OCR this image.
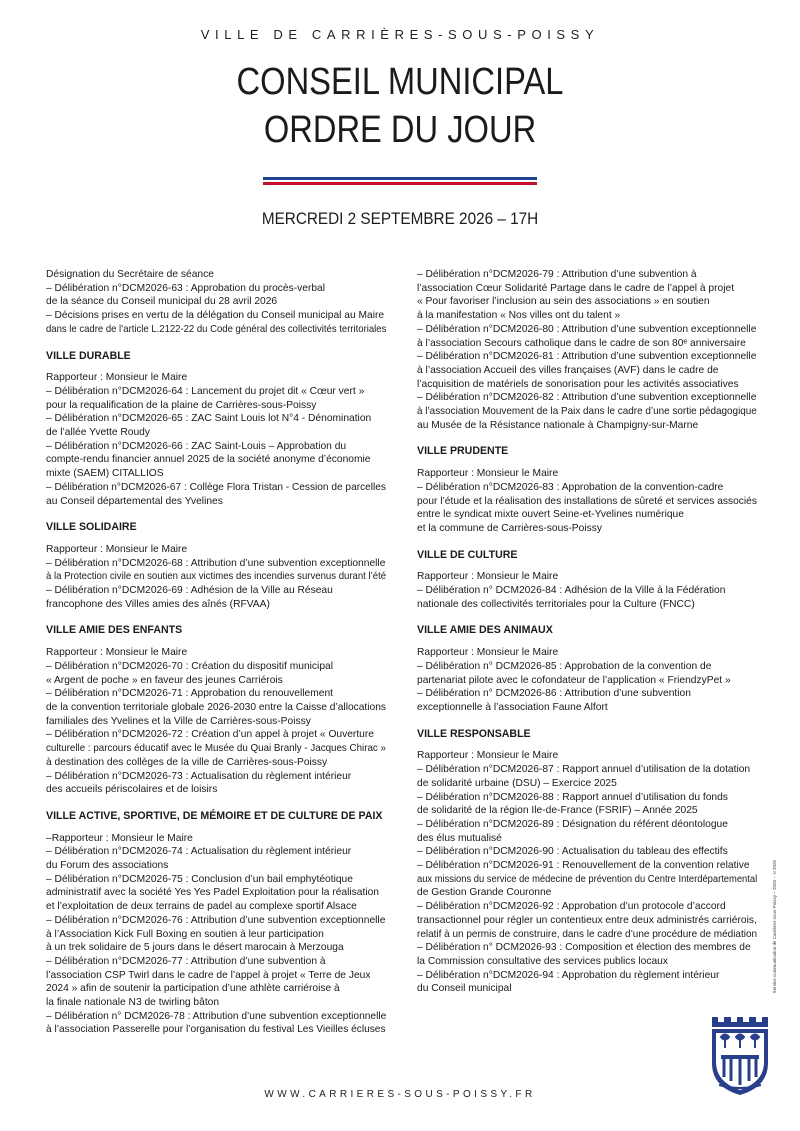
VILLE DE CARRIÈRES-SOUS-POISSY
CONSEIL MUNICIPAL
ORDRE DU JOUR
MERCREDI 2 SEPTEMBRE 2026 – 17H
Désignation du Secrétaire de séance
– Délibération n°DCM2026-63 : Approbation du procès-verbal
de la séance du Conseil municipal du 28 avril 2026
– Décisions prises en vertu de la délégation du Conseil municipal au Maire
dans le cadre de l’article L.2122-22 du Code général des collectivités territoriales
VILLE DURABLE
Rapporteur : Monsieur le Maire
– Délibération n°DCM2026-64 : Lancement du projet dit « Cœur vert »
pour la requalification de la plaine de Carrières-sous-Poissy
– Délibération n°DCM2026-65 : ZAC Saint Louis lot N°4 - Dénomination
de l’allée Yvette Roudy
– Délibération n°DCM2026-66 : ZAC Saint-Louis – Approbation du
compte-rendu financier annuel 2025 de la société anonyme d’économie
mixte (SAEM) CITALLIOS
– Délibération n°DCM2026-67 : Collège Flora Tristan - Cession de parcelles
au Conseil départemental des Yvelines
VILLE SOLIDAIRE
Rapporteur : Monsieur le Maire
– Délibération n°DCM2026-68 : Attribution d’une subvention exceptionnelle
à la Protection civile en soutien aux victimes des incendies survenus durant l’été
– Délibération n°DCM2026-69 : Adhésion de la Ville au Réseau
francophone des Villes amies des aînés (RFVAA)
VILLE AMIE DES ENFANTS
Rapporteur : Monsieur le Maire
– Délibération n°DCM2026-70 : Création du dispositif municipal
« Argent de poche » en faveur des jeunes Carriérois
– Délibération n°DCM2026-71 : Approbation du renouvellement
de la convention territoriale globale 2026-2030 entre la Caisse d’allocations
familiales des Yvelines et la Ville de Carrières-sous-Poissy
– Délibération n°DCM2026-72 : Création d’un appel à projet « Ouverture
culturelle : parcours éducatif avec le Musée du Quai Branly - Jacques Chirac »
à destination des collèges de la ville de Carrières-sous-Poissy
– Délibération n°DCM2026-73 : Actualisation du règlement intérieur
des accueils périscolaires et de loisirs
VILLE ACTIVE, SPORTIVE, DE MÉMOIRE ET DE CULTURE DE PAIX
–Rapporteur : Monsieur le Maire
– Délibération n°DCM2026-74 : Actualisation du règlement intérieur
du Forum des associations
– Délibération n°DCM2026-75 : Conclusion d’un bail emphytéotique
administratif avec la société Yes Yes Padel Exploitation pour la réalisation
et l’exploitation de deux terrains de padel au complexe sportif Alsace
– Délibération n°DCM2026-76 : Attribution d’une subvention exceptionnelle
à l’Association Kick Full Boxing en soutien à leur participation
à un trek solidaire de 5 jours dans le désert marocain à Merzouga
– Délibération n°DCM2026-77 : Attribution d’une subvention à
l’association CSP Twirl dans le cadre de l’appel à projet « Terre de Jeux
2024 » afin de soutenir la participation d’une athlète carriéroise à
la finale nationale N3 de twirling bâton
– Délibération n° DCM2026-78 : Attribution d’une subvention exceptionnelle
à l’association Passerelle pour l’organisation du festival Les Vieilles écluses
– Délibération n°DCM2026-79 : Attribution d’une subvention à
l’association Cœur Solidarité Partage dans le cadre de l’appel à projet
« Pour favoriser l’inclusion au sein des associations » en soutien
à la manifestation « Nos villes ont du talent »
– Délibération n°DCM2026-80 : Attribution d’une subvention exceptionnelle
à l’association Secours catholique dans le cadre de son 80ᵉ anniversaire
– Délibération n°DCM2026-81 : Attribution d’une subvention exceptionnelle
à l’association Accueil des villes françaises (AVF) dans le cadre de
l’acquisition de matériels de sonorisation pour les activités associatives
– Délibération n°DCM2026-82 : Attribution d’une subvention exceptionnelle
à l’association Mouvement de la Paix dans le cadre d’une sortie pédagogique
au Musée de la Résistance nationale à Champigny-sur-Marne
VILLE PRUDENTE
Rapporteur : Monsieur le Maire
– Délibération n°DCM2026-83 : Approbation de la convention-cadre
pour l’étude et la réalisation des installations de sûreté et services associés
entre le syndicat mixte ouvert Seine-et-Yvelines numérique
et la commune de Carrières-sous-Poissy
VILLE DE CULTURE
Rapporteur : Monsieur le Maire
– Délibération n° DCM2026-84 : Adhésion de la Ville à la Fédération
nationale des collectivités territoriales pour la Culture (FNCC)
VILLE AMIE DES ANIMAUX
Rapporteur : Monsieur le Maire
– Délibération n° DCM2026-85 : Approbation de la convention de
partenariat pilote avec le cofondateur de l’application « FriendzyPet »
– Délibération n° DCM2026-86 : Attribution d’une subvention
exceptionnelle à l’association Faune Alfort
VILLE RESPONSABLE
Rapporteur : Monsieur le Maire
– Délibération n°DCM2026-87 : Rapport annuel d’utilisation de la dotation
de solidarité urbaine (DSU) – Exercice 2025
– Délibération n°DCM2026-88 : Rapport annuel d’utilisation du fonds
de solidarité de la région Ile-de-France (FSRIF) – Année 2025
– Délibération n°DCM2026-89 : Désignation du référent déontologue
des élus mutualisé
– Délibération n°DCM2026-90 : Actualisation du tableau des effectifs
– Délibération n°DCM2026-91 : Renouvellement de la convention relative
aux missions du service de médecine de prévention du Centre Interdépartemental
de Gestion Grande Couronne
– Délibération n°DCM2026-92 : Approbation d’un protocole d’accord
transactionnel pour régler un contentieux entre deux administrés carriérois,
relatif à un permis de construire, dans le cadre d’une procédure de médiation
– Délibération n° DCM2026-93 : Composition et élection des membres de
la Commission consultative des services publics locaux
– Délibération n°DCM2026-94 : Approbation du règlement intérieur
du Conseil municipal	Service communication de Carrières-sous-Poissy – 2026 – ©2026
WWW.CARRIERES-SOUS-POISSY.FR
